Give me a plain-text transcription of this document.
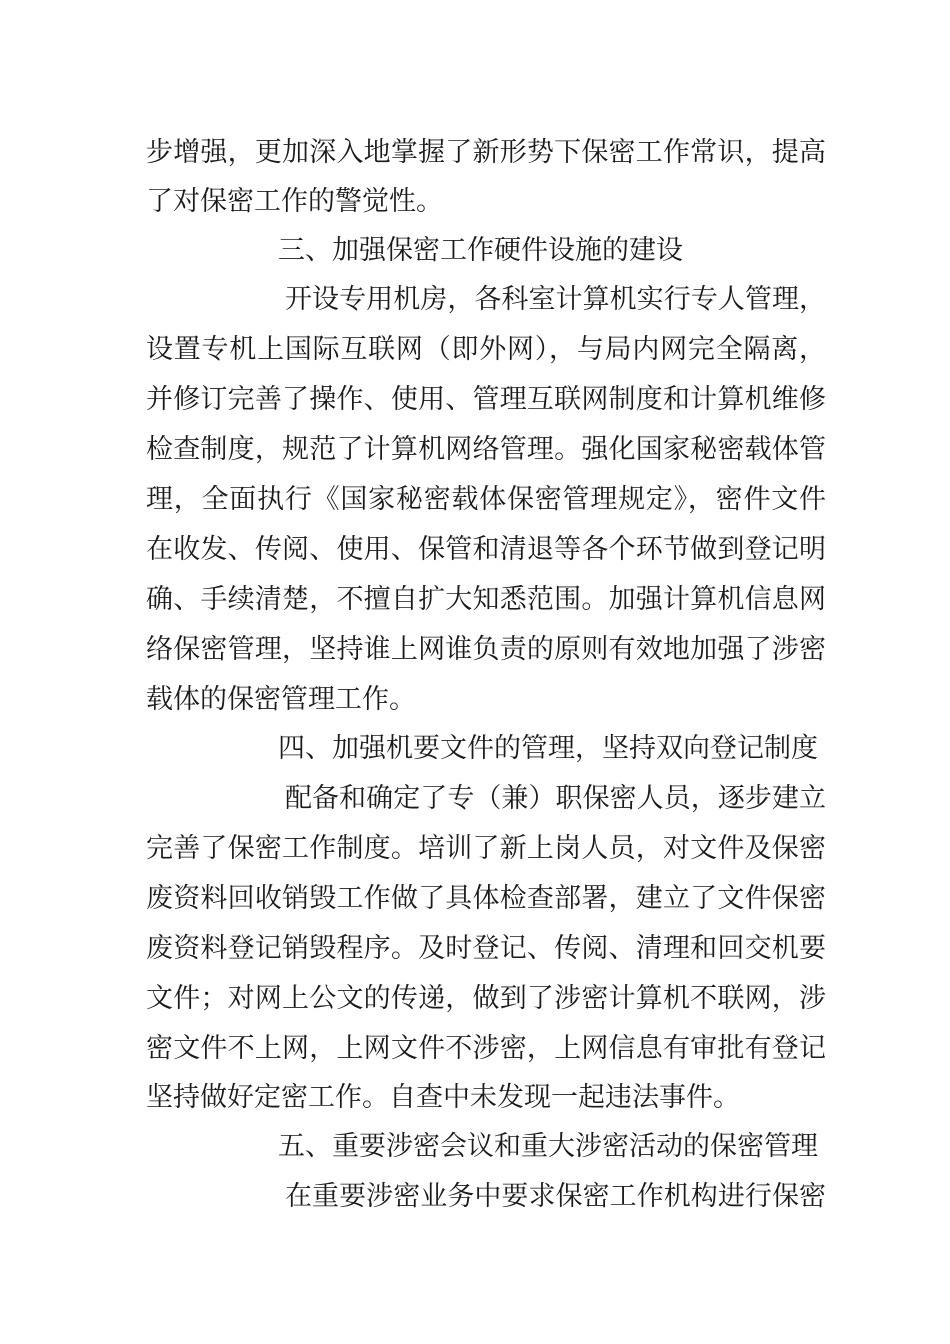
步增强，更加深入地掌握了新形势下保密工作常识，提高
了对保密工作的警觉性。
三、加强保密工作硬件设施的建设
开设专用机房，各科室计算机实行专人管理，
设置专机上国际互联网（即外网），与局内网完全隔离，
并修订完善了操作、使用、管理互联网制度和计算机维修
检查制度，规范了计算机网络管理。强化国家秘密载体管
理，全面执行《国家秘密载体保密管理规定》，密件文件
在收发、传阅、使用、保管和清退等各个环节做到登记明
确、手续清楚，不擅自扩大知悉范围。加强计算机信息网
络保密管理，坚持谁上网谁负责的原则有效地加强了涉密
载体的保密管理工作。
四、加强机要文件的管理，坚持双向登记制度
配备和确定了专（兼）职保密人员，逐步建立
完善了保密工作制度。培训了新上岗人员，对文件及保密
废资料回收销毁工作做了具体检查部署，建立了文件保密
废资料登记销毁程序。及时登记、传阅、清理和回交机要
文件；对网上公文的传递，做到了涉密计算机不联网，涉
密文件不上网，上网文件不涉密，上网信息有审批有登记
坚持做好定密工作。自查中未发现一起违法事件。
五、重要涉密会议和重大涉密活动的保密管理
在重要涉密业务中要求保密工作机构进行保密
